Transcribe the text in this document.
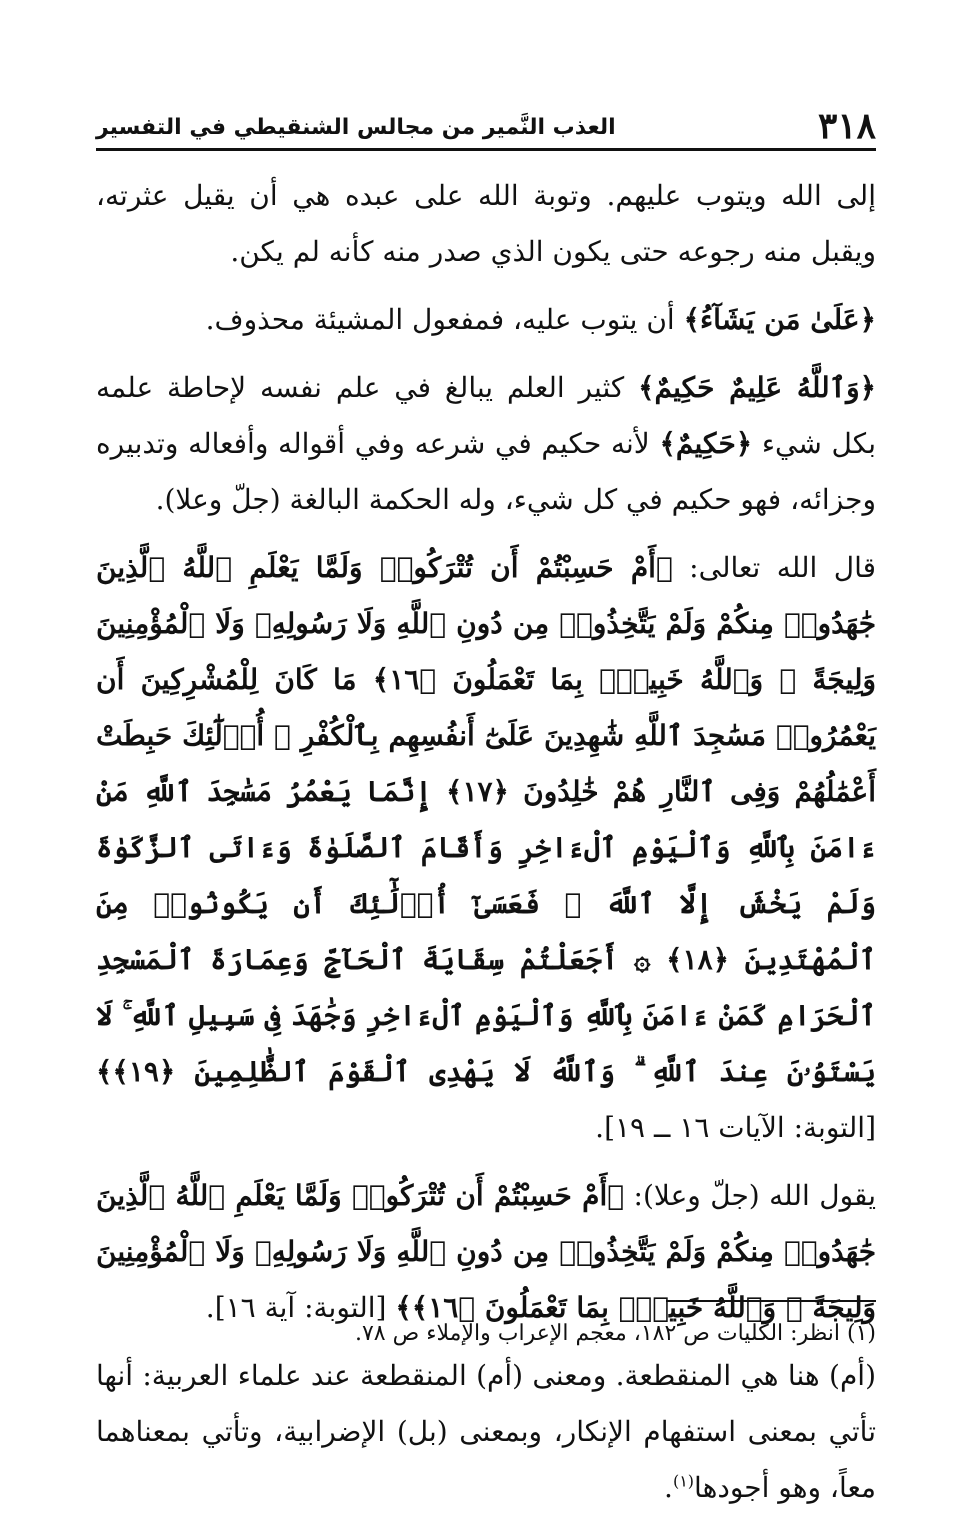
٣١٨
العذب النَّمير من مجالس الشنقيطي في التفسير

إلى الله ويتوب عليهم. وتوبة الله على عبده هي أن يقيل عثرته، ويقبل منه رجوعه حتى يكون الذي صدر منه كأنه لم يكن.

﴿عَلَىٰ مَن يَشَآءُ﴾ أن يتوب عليه، فمفعول المشيئة محذوف.

﴿وَٱللَّهُ عَلِيمٌ حَكِيمٌ﴾ كثير العلم يبالغ في علم نفسه لإحاطة علمه بكل شيء ﴿حَكِيمٌ﴾ لأنه حكيم في شرعه وفي أقواله وأفعاله وتدبيره وجزائه، فهو حكيم في كل شيء، وله الحكمة البالغة (جلّ وعلا).

قال الله تعالى: ﴿أَمْ حَسِبْتُمْ أَن تُتْرَكُوا۟ وَلَمَّا يَعْلَمِ ٱللَّهُ ٱلَّذِينَ جَٰهَدُوا۟ مِنكُمْ وَلَمْ يَتَّخِذُوا۟ مِن دُونِ ٱللَّهِ وَلَا رَسُولِهِۦ وَلَا ٱلْمُؤْمِنِينَ وَلِيجَةً ۚ وَٱللَّهُ خَبِيرٌۢ بِمَا تَعْمَلُونَ ﴿١٦﴾ مَا كَانَ لِلْمُشْرِكِينَ أَن يَعْمُرُوا۟ مَسَٰجِدَ ٱللَّهِ شَٰهِدِينَ عَلَىٰٓ أَنفُسِهِم بِٱلْكُفْرِ ۚ أُو۟لَٰٓئِكَ حَبِطَتْ أَعْمَٰلُهُمْ وَفِى ٱلنَّارِ هُمْ خَٰلِدُونَ ﴿١٧﴾ إِنَّمَا يَعْمُرُ مَسَٰجِدَ ٱللَّهِ مَنْ ءَامَنَ بِٱللَّهِ وَٱلْيَوْمِ ٱلْءَاخِرِ وَأَقَامَ ٱلصَّلَوٰةَ وَءَاتَى ٱلزَّكَوٰةَ وَلَمْ يَخْشَ إِلَّا ٱللَّهَ ۖ فَعَسَىٰٓ أُو۟لَٰٓئِكَ أَن يَكُونُوا۟ مِنَ ٱلْمُهْتَدِينَ ﴿١٨﴾ ۞ أَجَعَلْتُمْ سِقَايَةَ ٱلْحَآجِّ وَعِمَارَةَ ٱلْمَسْجِدِ ٱلْحَرَامِ كَمَنْ ءَامَنَ بِٱللَّهِ وَٱلْيَوْمِ ٱلْءَاخِرِ وَجَٰهَدَ فِى سَبِيلِ ٱللَّهِ ۚ لَا يَسْتَوُۥنَ عِندَ ٱللَّهِ ۗ وَٱللَّهُ لَا يَهْدِى ٱلْقَوْمَ ٱلظَّٰلِمِينَ ﴿١٩﴾﴾ [التوبة: الآيات ١٦ ــ ١٩].

يقول الله (جلّ وعلا): ﴿أَمْ حَسِبْتُمْ أَن تُتْرَكُوا۟ وَلَمَّا يَعْلَمِ ٱللَّهُ ٱلَّذِينَ جَٰهَدُوا۟ مِنكُمْ وَلَمْ يَتَّخِذُوا۟ مِن دُونِ ٱللَّهِ وَلَا رَسُولِهِۦ وَلَا ٱلْمُؤْمِنِينَ وَلِيجَةً ۚ وَٱللَّهُ خَبِيرٌۢ بِمَا تَعْمَلُونَ ﴿١٦﴾﴾ [التوبة: آية ١٦].

(أم) هنا هي المنقطعة. ومعنى (أم) المنقطعة عند علماء العربية: أنها تأتي بمعنى استفهام الإنكار، وبمعنى (بل) الإضرابية، وتأتي بمعناهما معاً، وهو أجودها$^{(١)}$.

(١) انظر: الكليات ص ١٨٢، معجم الإعراب والإملاء ص ٧٨.
